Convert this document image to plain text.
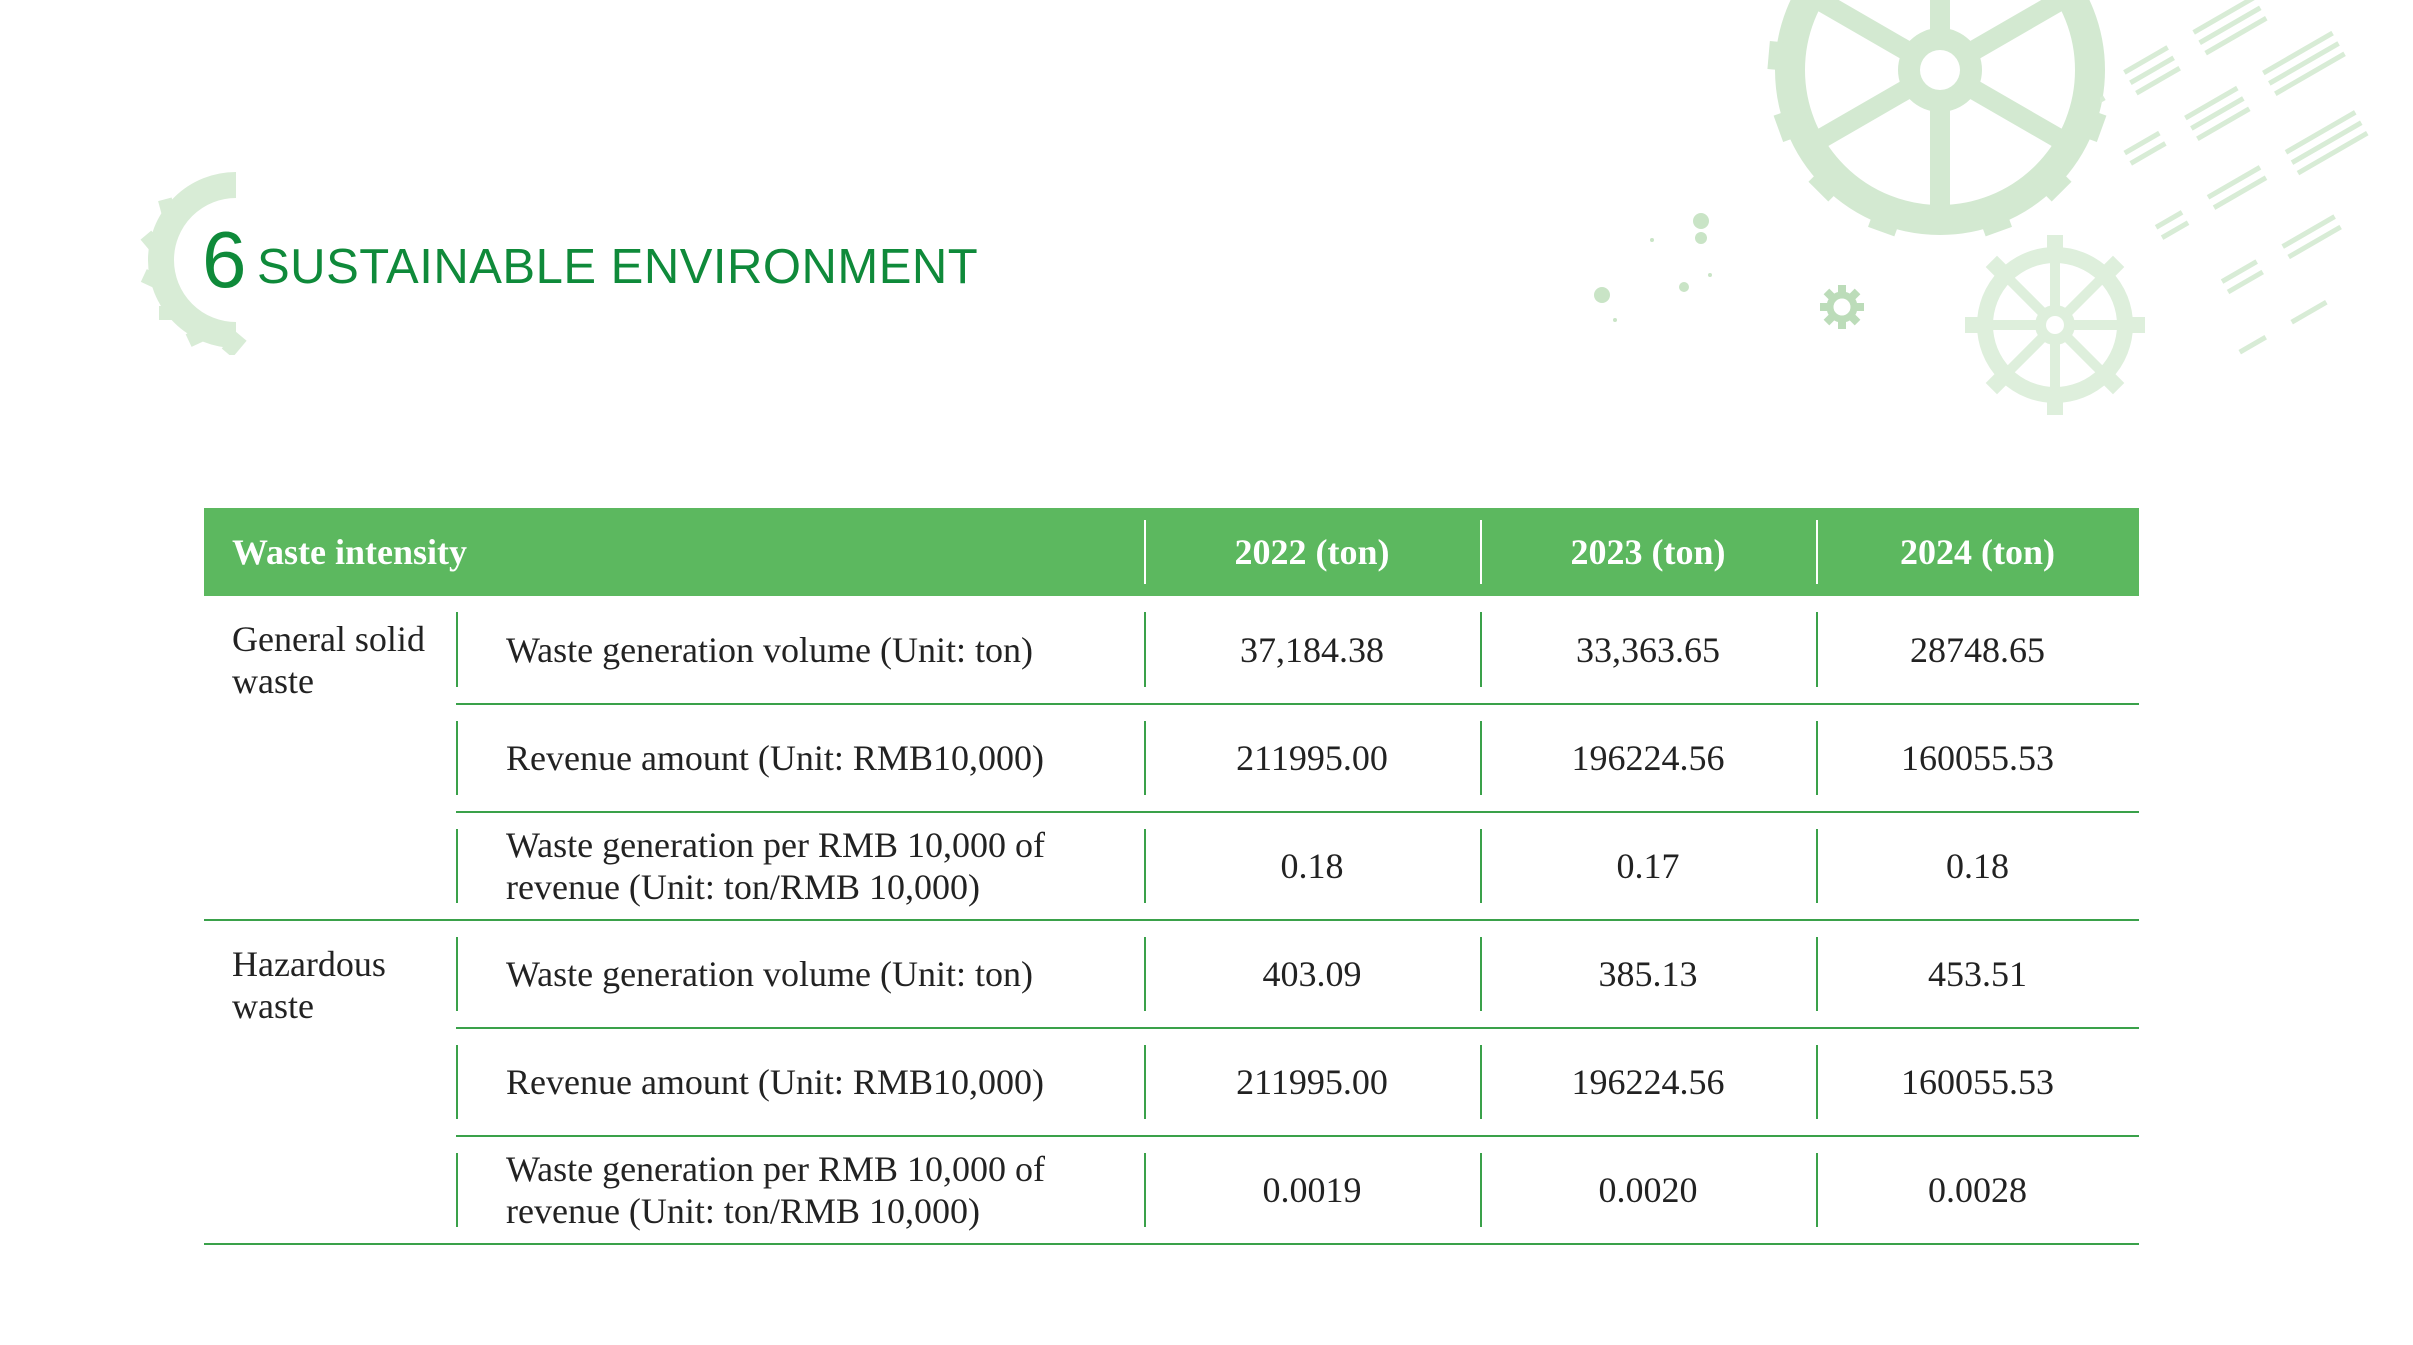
6 SUSTAINABLE ENVIRONMENT
Waste intensity		2022 (ton)	2023 (ton)	2024 (ton)
General solid waste	Waste generation volume (Unit: ton)	37,184.38	33,363.65	28748.65
	Revenue amount (Unit: RMB10,000)	211995.00	196224.56	160055.53
	Waste generation per RMB 10,000 of revenue (Unit: ton/RMB 10,000)	0.18	0.17	0.18
Hazardous waste	Waste generation volume (Unit: ton)	403.09	385.13	453.51
	Revenue amount (Unit: RMB10,000)	211995.00	196224.56	160055.53
	Waste generation per RMB 10,000 of revenue (Unit: ton/RMB 10,000)	0.0019	0.0020	0.0028
